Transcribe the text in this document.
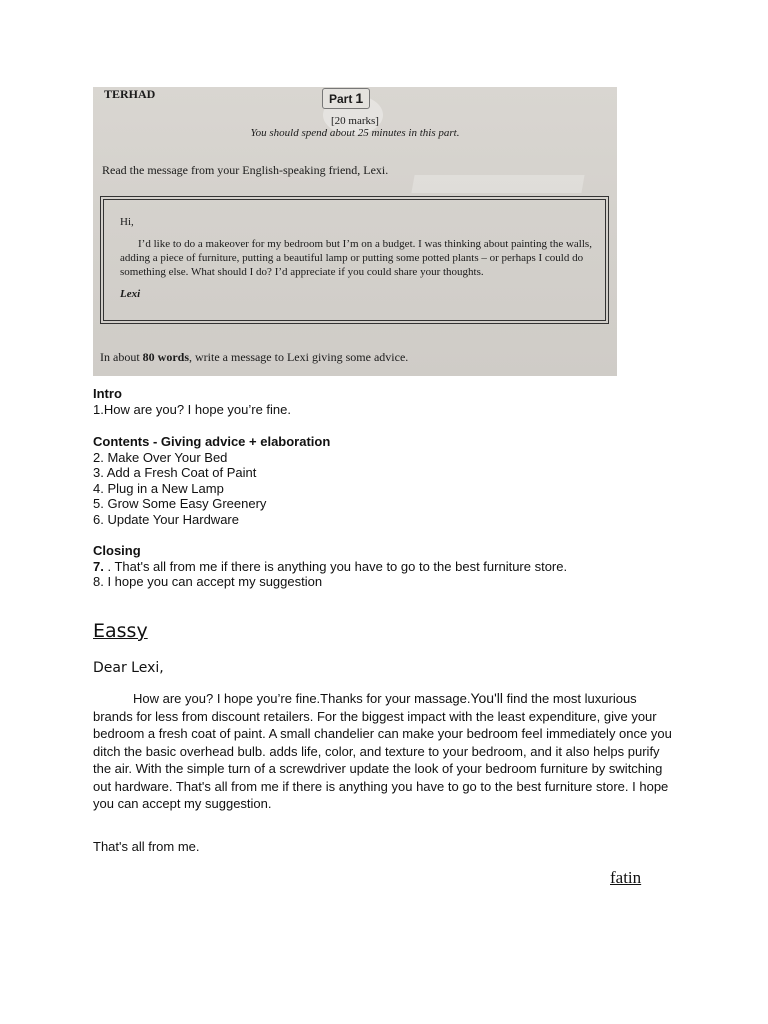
TERHAD	Part 1
[20 marks]
You should spend about 25 minutes in this part.
Read the message from your English-speaking friend, Lexi.
Hi,
I’d like to do a makeover for my bedroom but I’m on a budget. I was thinking about painting the walls, adding a piece of furniture, putting a beautiful lamp or putting some potted plants – or perhaps I could do something else. What should I do? I’d appreciate if you could share your thoughts.
Lexi
In about 80 words, write a message to Lexi giving some advice.
Intro
1.How are you? I hope you’re fine.
Contents - Giving advice + elaboration
2. Make Over Your Bed
3. Add a Fresh Coat of Paint
4. Plug in a New Lamp
5. Grow Some Easy Greenery
6. Update Your Hardware
Closing
7. . That's all from me if there is anything you have to go to the best furniture store.
8. I hope you can accept my suggestion
Eassy
Dear Lexi,

How are you? I hope you’re fine.Thanks for your massage.You'll find the most luxurious brands for less from discount retailers. For the biggest impact with the least expenditure, give your bedroom a fresh coat of paint. A small chandelier can make your bedroom feel immediately once you ditch the basic overhead bulb. adds life, color, and texture to your bedroom, and it also helps purify the air. With the simple turn of a screwdriver update the look of your bedroom furniture by switching out hardware. That's all from me if there is anything you have to go to the best furniture store. I hope you can accept my suggestion.

That's all from me.
fatin
